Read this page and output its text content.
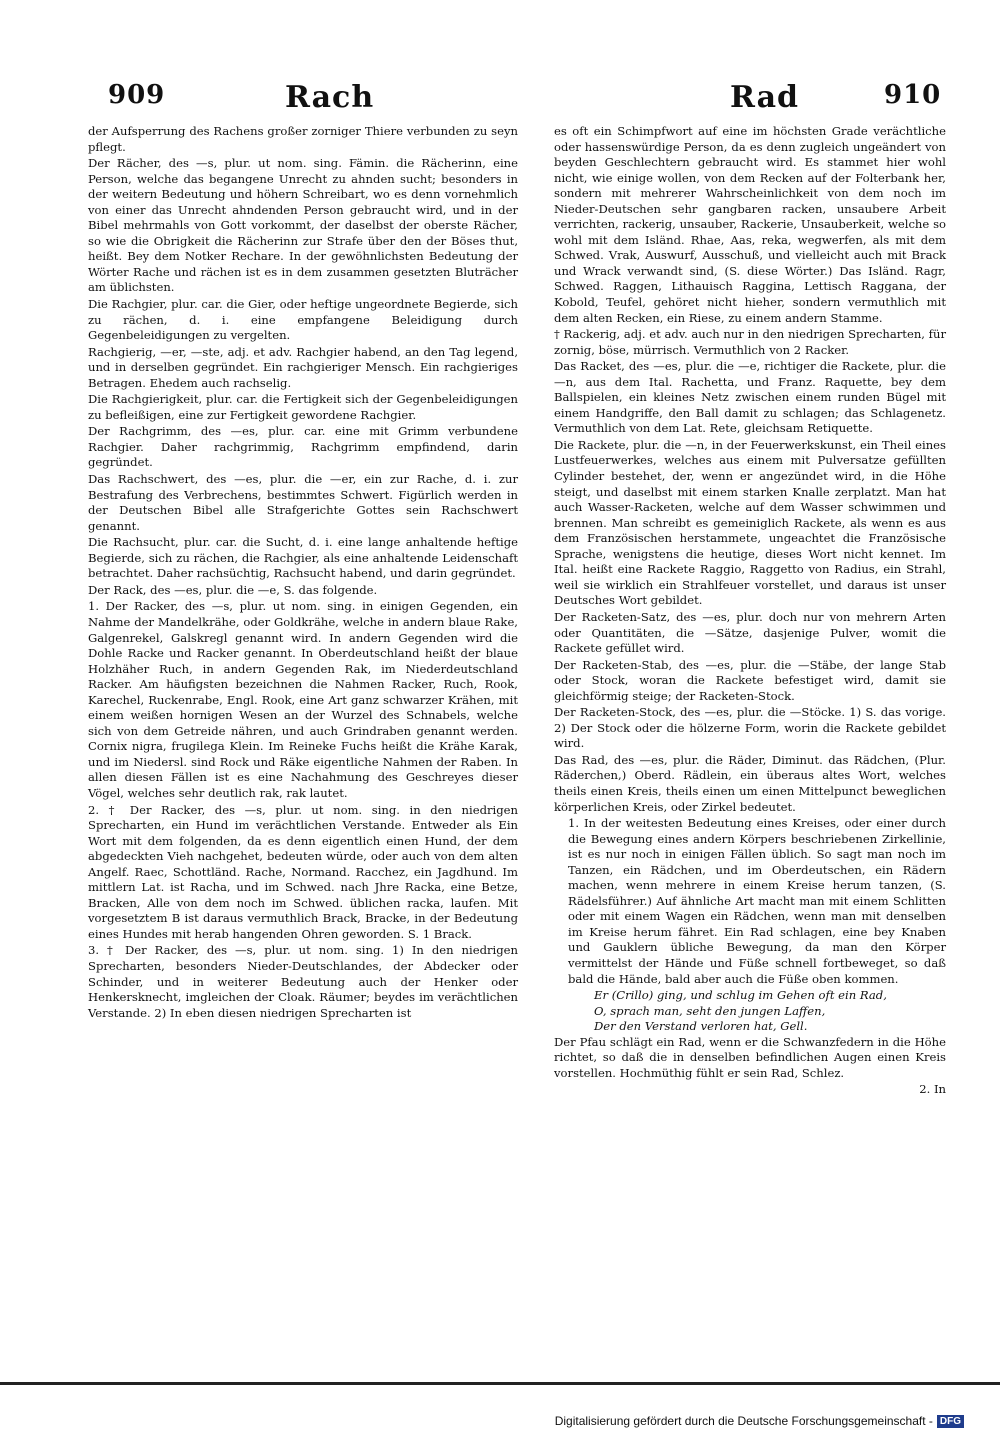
909	Rach	Rad	910

der Aufsperrung des Rachens großer zorniger Thiere verbunden zu seyn pflegt.

Der Rächer, des —s, plur. ut nom. sing. Fämin. die Rächerinn, eine Person, welche das begangene Unrecht zu ahnden sucht; besonders in der weitern Bedeutung und höhern Schreibart, wo es denn vornehmlich von einer das Unrecht ahndenden Person gebraucht wird, und in der Bibel mehrmahls von Gott vorkommt, der daselbst der oberste Rächer, so wie die Obrigkeit die Rächerinn zur Strafe über den der Böses thut, heißt. Bey dem Notker Rechare. In der gewöhnlichsten Bedeutung der Wörter Rache und rächen ist es in dem zusammen gesetzten Bluträcher am üblichsten.

Die Rachgier, plur. car. die Gier, oder heftige ungeordnete Begierde, sich zu rächen, d. i. eine empfangene Beleidigung durch Gegenbeleidigungen zu vergelten.

Rachgierig, —er, —ste, adj. et adv. Rachgier habend, an den Tag legend, und in derselben gegründet. Ein rachgieriger Mensch. Ein rachgieriges Betragen. Ehedem auch rachselig.

Die Rachgierigkeit, plur. car. die Fertigkeit sich der Gegenbeleidigungen zu befleißigen, eine zur Fertigkeit gewordene Rachgier.

Der Rachgrimm, des —es, plur. car. eine mit Grimm verbundene Rachgier. Daher rachgrimmig, Rachgrimm empfindend, darin gegründet.

Das Rachschwert, des —es, plur. die —er, ein zur Rache, d. i. zur Bestrafung des Verbrechens, bestimmtes Schwert. Figürlich werden in der Deutschen Bibel alle Strafgerichte Gottes sein Rachschwert genannt.

Die Rachsucht, plur. car. die Sucht, d. i. eine lange anhaltende heftige Begierde, sich zu rächen, die Rachgier, als eine anhaltende Leidenschaft betrachtet. Daher rachsüchtig, Rachsucht habend, und darin gegründet.

Der Rack, des —es, plur. die —e, S. das folgende.

1. Der Racker, des —s, plur. ut nom. sing. in einigen Gegenden, ein Nahme der Mandelkrähe, oder Goldkrähe, welche in andern blaue Rake, Galgenrekel, Galskregl genannt wird. In andern Gegenden wird die Dohle Racke und Racker genannt. In Oberdeutschland heißt der blaue Holzhäher Ruch, in andern Gegenden Rak, im Niederdeutschland Racker. Am häufigsten bezeichnen die Nahmen Racker, Ruch, Rook, Karechel, Ruckenrabe, Engl. Rook, eine Art ganz schwarzer Krähen, mit einem weißen hornigen Wesen an der Wurzel des Schnabels, welche sich von dem Getreide nähren, und auch Grindraben genannt werden. Cornix nigra, frugilega Klein. Im Reineke Fuchs heißt die Krähe Karak, und im Niedersl. sind Rock und Räke eigentliche Nahmen der Raben. In allen diesen Fällen ist es eine Nachahmung des Geschreyes dieser Vögel, welches sehr deutlich rak, rak lautet.

2. † Der Racker, des —s, plur. ut nom. sing. in den niedrigen Sprecharten, ein Hund im verächtlichen Verstande. Entweder als Ein Wort mit dem folgenden, da es denn eigentlich einen Hund, der dem abgedeckten Vieh nachgehet, bedeuten würde, oder auch von dem alten Angelf. Raec, Schottländ. Rache, Normand. Racchez, ein Jagdhund. Im mittlern Lat. ist Racha, und im Schwed. nach Jhre Racka, eine Betze, Bracken, Alle von dem noch im Schwed. üblichen racka, laufen. Mit vorgesetztem B ist daraus vermuthlich Brack, Bracke, in der Bedeutung eines Hundes mit herab hangenden Ohren geworden. S. 1 Brack.

3. † Der Racker, des —s, plur. ut nom. sing. 1) In den niedrigen Sprecharten, besonders Nieder-Deutschlandes, der Abdecker oder Schinder, und in weiterer Bedeutung auch der Henker oder Henkersknecht, imgleichen der Cloak. Räumer; beydes im verächtlichen Verstande. 2) In eben diesen niedrigen Sprecharten ist

es oft ein Schimpfwort auf eine im höchsten Grade verächtliche oder hassenswürdige Person, da es denn zugleich ungeändert von beyden Geschlechtern gebraucht wird. Es stammet hier wohl nicht, wie einige wollen, von dem Recken auf der Folterbank her, sondern mit mehrerer Wahrscheinlichkeit von dem noch im Nieder-Deutschen sehr gangbaren racken, unsaubere Arbeit verrichten, rackerig, unsauber, Rackerie, Unsauberkeit, welche so wohl mit dem Isländ. Rhae, Aas, reka, wegwerfen, als mit dem Schwed. Vrak, Auswurf, Ausschuß, und vielleicht auch mit Brack und Wrack verwandt sind, (S. diese Wörter.) Das Isländ. Ragr, Schwed. Raggen, Lithauisch Raggina, Lettisch Raggana, der Kobold, Teufel, gehöret nicht hieher, sondern vermuthlich mit dem alten Recken, ein Riese, zu einem andern Stamme.

† Rackerig, adj. et adv. auch nur in den niedrigen Sprecharten, für zornig, böse, mürrisch. Vermuthlich von 2 Racker.

Das Racket, des —es, plur. die —e, richtiger die Rackete, plur. die —n, aus dem Ital. Rachetta, und Franz. Raquette, bey dem Ballspielen, ein kleines Netz zwischen einem runden Bügel mit einem Handgriffe, den Ball damit zu schlagen; das Schlagenetz. Vermuthlich von dem Lat. Rete, gleichsam Retiquette.

Die Rackete, plur. die —n, in der Feuerwerkskunst, ein Theil eines Lustfeuerwerkes, welches aus einem mit Pulversatze gefüllten Cylinder bestehet, der, wenn er angezündet wird, in die Höhe steigt, und daselbst mit einem starken Knalle zerplatzt. Man hat auch Wasser-Racketen, welche auf dem Wasser schwimmen und brennen. Man schreibt es gemeiniglich Rackete, als wenn es aus dem Französischen herstammete, ungeachtet die Französische Sprache, wenigstens die heutige, dieses Wort nicht kennet. Im Ital. heißt eine Rackete Raggio, Raggetto von Radius, ein Strahl, weil sie wirklich ein Strahlfeuer vorstellet, und daraus ist unser Deutsches Wort gebildet.

Der Racketen-Satz, des —es, plur. doch nur von mehrern Arten oder Quantitäten, die —Sätze, dasjenige Pulver, womit die Rackete gefüllet wird.

Der Racketen-Stab, des —es, plur. die —Stäbe, der lange Stab oder Stock, woran die Rackete befestiget wird, damit sie gleichförmig steige; der Racketen-Stock.

Der Racketen-Stock, des —es, plur. die —Stöcke. 1) S. das vorige. 2) Der Stock oder die hölzerne Form, worin die Rackete gebildet wird.

Das Rad, des —es, plur. die Räder, Diminut. das Rädchen, (Plur. Räderchen,) Oberd. Rädlein, ein überaus altes Wort, welches theils einen Kreis, theils einen um einen Mittelpunct beweglichen körperlichen Kreis, oder Zirkel bedeutet.

1. In der weitesten Bedeutung eines Kreises, oder einer durch die Bewegung eines andern Körpers beschriebenen Zirkellinie, ist es nur noch in einigen Fällen üblich. So sagt man noch im Tanzen, ein Rädchen, und im Oberdeutschen, ein Rädern machen, wenn mehrere in einem Kreise herum tanzen, (S. Rädelsführer.) Auf ähnliche Art macht man mit einem Schlitten oder mit einem Wagen ein Rädchen, wenn man mit denselben im Kreise herum fähret. Ein Rad schlagen, eine bey Knaben und Gauklern übliche Bewegung, da man den Körper vermittelst der Hände und Füße schnell fortbeweget, so daß bald die Hände, bald aber auch die Füße oben kommen.

Er (Crillo) ging, und schlug im Gehen oft ein Rad,

O, sprach man, seht den jungen Laffen,

Der den Verstand verloren hat, Gell.

Der Pfau schlägt ein Rad, wenn er die Schwanzfedern in die Höhe richtet, so daß die in denselben befindlichen Augen einen Kreis vorstellen. Hochmüthig fühlt er sein Rad, Schlez.

2. In

Digitalisierung gefördert durch die Deutsche Forschungsgemeinschaft - DFG
